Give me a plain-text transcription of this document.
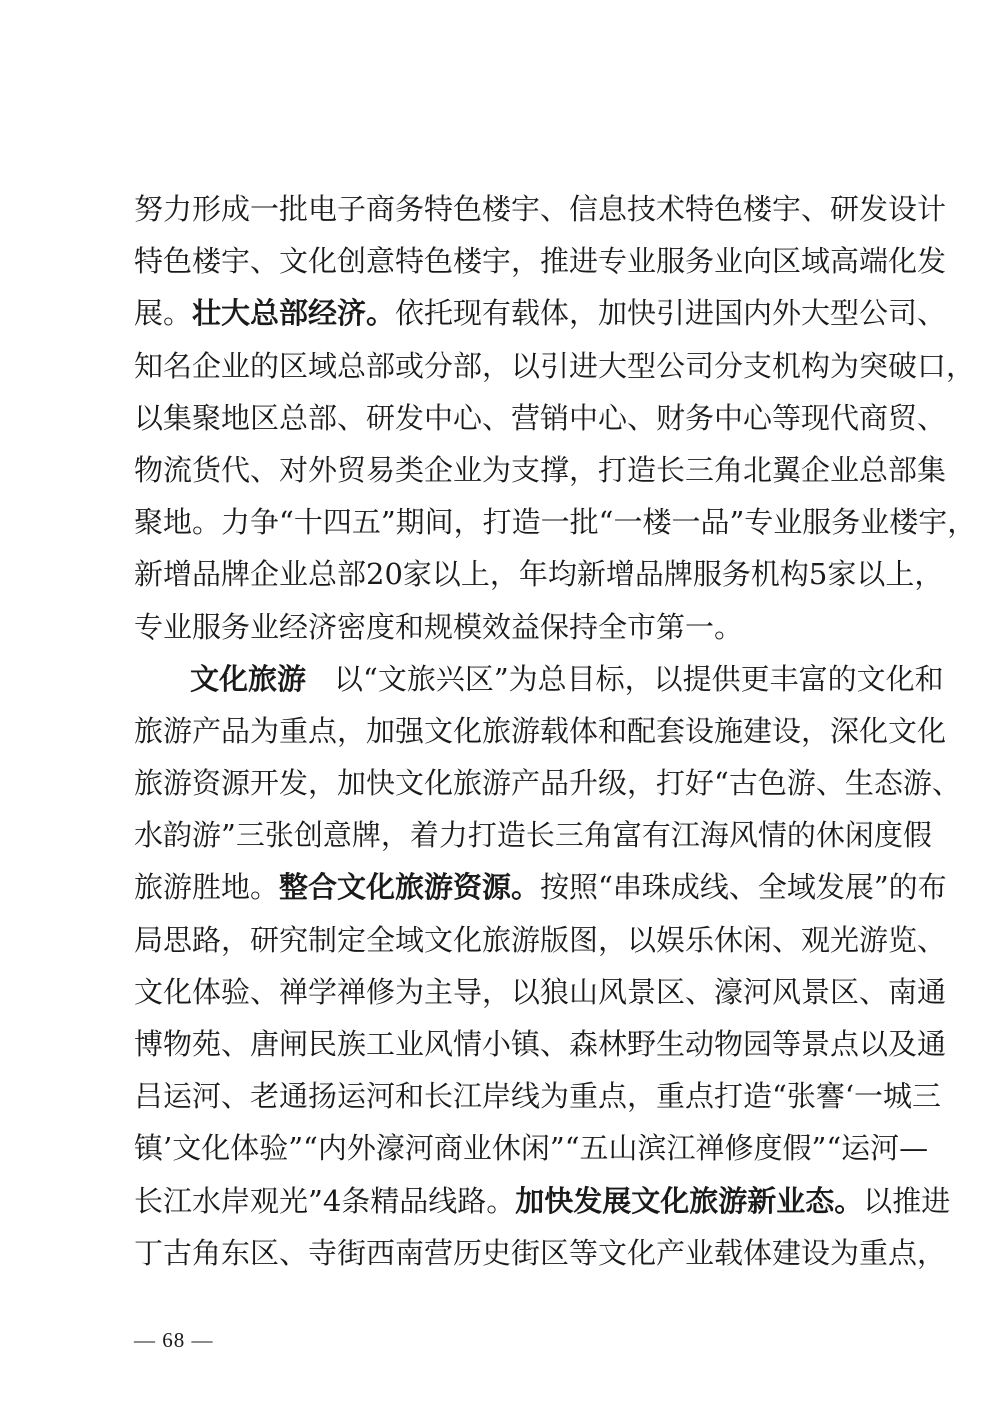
努力形成一批电子商务特色楼宇、信息技术特色楼宇、研发设计
特色楼宇、文化创意特色楼宇，推进专业服务业向区域高端化发
展。壮大总部经济。依托现有载体，加快引进国内外大型公司、
知名企业的区域总部或分部，以引进大型公司分支机构为突破口，
以集聚地区总部、研发中心、营销中心、财务中心等现代商贸、
物流货代、对外贸易类企业为支撑，打造长三角北翼企业总部集
聚地。力争“十四五”期间，打造一批“一楼一品”专业服务业楼宇，
新增品牌企业总部20家以上，年均新增品牌服务机构5家以上，
专业服务业经济密度和规模效益保持全市第一。
文化旅游 以“文旅兴区”为总目标，以提供更丰富的文化和
旅游产品为重点，加强文化旅游载体和配套设施建设，深化文化
旅游资源开发，加快文化旅游产品升级，打好“古色游、生态游、
水韵游”三张创意牌，着力打造长三角富有江海风情的休闲度假
旅游胜地。整合文化旅游资源。按照“串珠成线、全域发展”的布
局思路，研究制定全域文化旅游版图，以娱乐休闲、观光游览、
文化体验、禅学禅修为主导，以狼山风景区、濠河风景区、南通
博物苑、唐闸民族工业风情小镇、森林野生动物园等景点以及通
吕运河、老通扬运河和长江岸线为重点，重点打造“张謇‘一城三
镇’文化体验”“内外濠河商业休闲”“五山滨江禅修度假”“运河—
长江水岸观光”4条精品线路。加快发展文化旅游新业态。以推进
丁古角东区、寺街西南营历史街区等文化产业载体建设为重点，
— 68 —
